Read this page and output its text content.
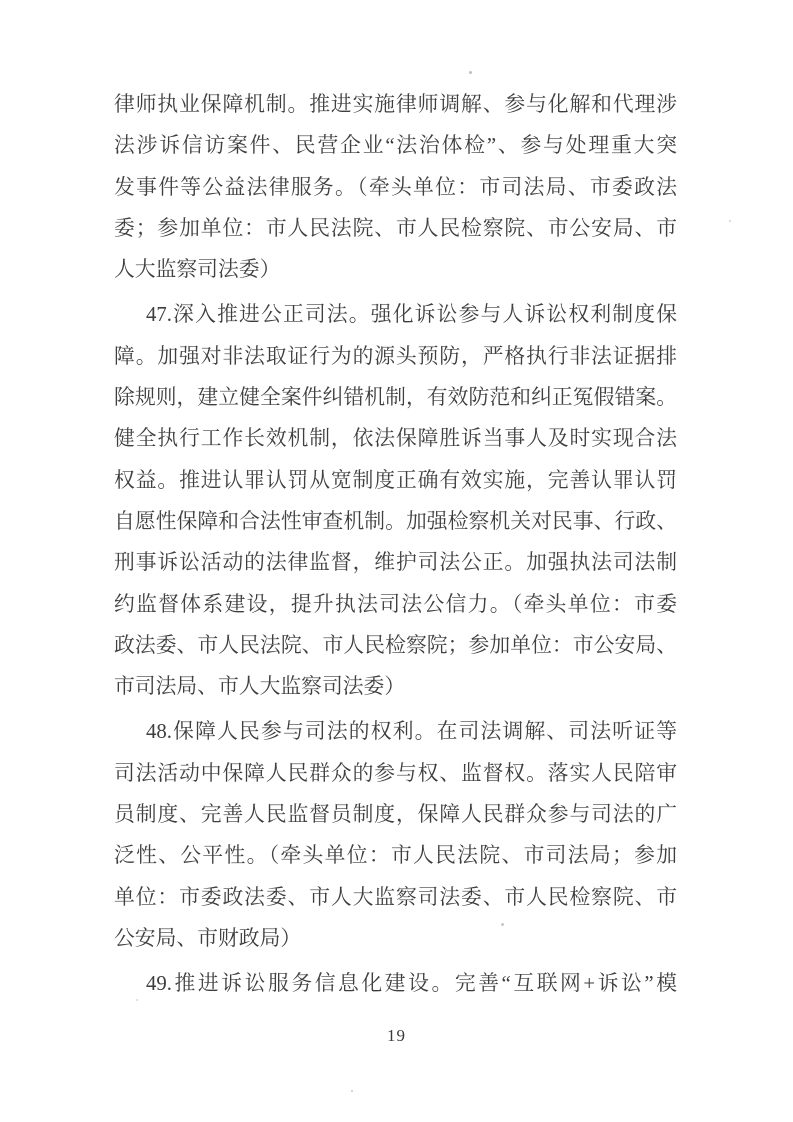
律师执业保障机制。推进实施律师调解、参与化解和代理涉
法涉诉信访案件、民营企业“法治体检”、参与处理重大突
发事件等公益法律服务。（牵头单位：市司法局、市委政法
委；参加单位：市人民法院、市人民检察院、市公安局、市
人大监察司法委）
47.深入推进公正司法。强化诉讼参与人诉讼权利制度保
障。加强对非法取证行为的源头预防，严格执行非法证据排
除规则，建立健全案件纠错机制，有效防范和纠正冤假错案。
健全执行工作长效机制，依法保障胜诉当事人及时实现合法
权益。推进认罪认罚从宽制度正确有效实施，完善认罪认罚
自愿性保障和合法性审查机制。加强检察机关对民事、行政、
刑事诉讼活动的法律监督，维护司法公正。加强执法司法制
约监督体系建设，提升执法司法公信力。（牵头单位：市委
政法委、市人民法院、市人民检察院；参加单位：市公安局、
市司法局、市人大监察司法委）
48.保障人民参与司法的权利。在司法调解、司法听证等
司法活动中保障人民群众的参与权、监督权。落实人民陪审
员制度、完善人民监督员制度，保障人民群众参与司法的广
泛性、公平性。（牵头单位：市人民法院、市司法局；参加
单位：市委政法委、市人大监察司法委、市人民检察院、市
公安局、市财政局）
49.推进诉讼服务信息化建设。完善“互联网+诉讼”模
19
